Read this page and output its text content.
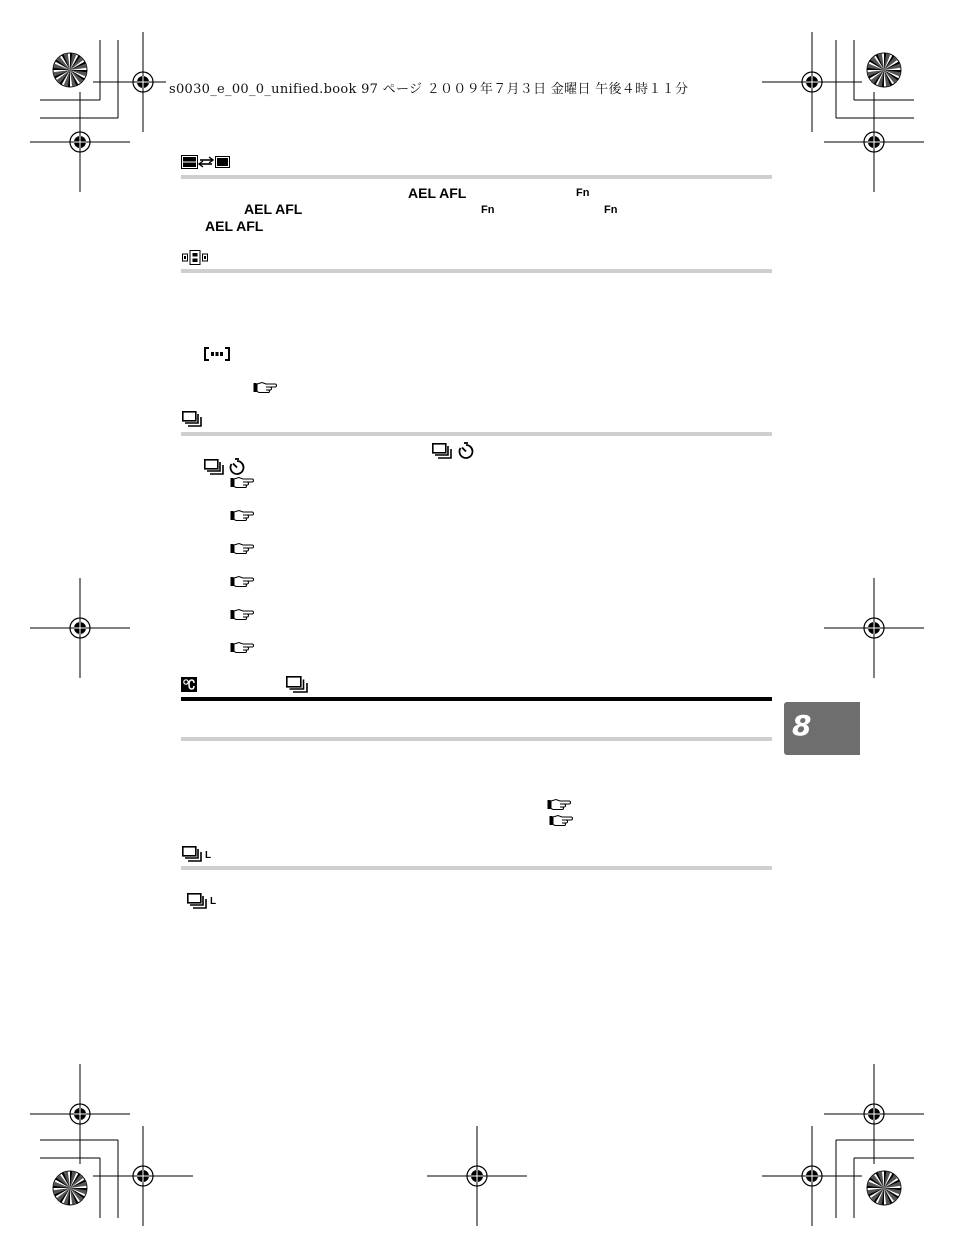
s0030_e_00_0_unified.book 97 ページ ２００９年７月３日 金曜日 午後４時１１分
AEL AFL	Fn
AEL AFL	Fn	Fn
AEL AFL
L
L
8
